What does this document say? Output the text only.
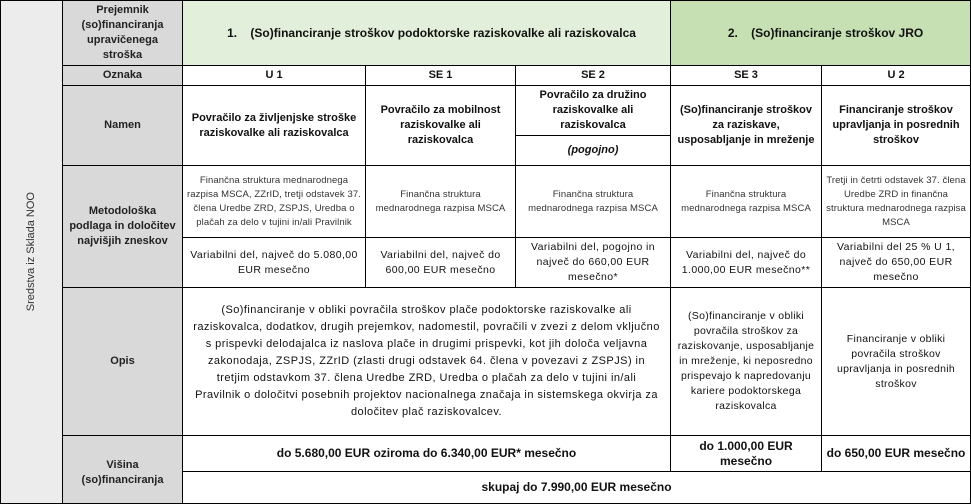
Sredstva iz Sklada NOO	Prejemnik (so)financiranja upravičenega stroška	1. (So)financiranje stroškov podoktorske raziskovalke ali raziskovalca			2. (So)financiranje stroškov JRO	
	Oznaka	U 1	SE 1	SE 2	SE 3	U 2
	Namen	Povračilo za življenjske stroške raziskovalke ali raziskovalca	Povračilo za mobilnost raziskovalke ali raziskovalca	Povračilo za družino raziskovalke ali raziskovalca	(So)financiranje stroškov za raziskave, usposabljanje in mreženje	Financiranje stroškov upravljanja in posrednih stroškov
				(pogojno)		
	Metodološka podlaga in določitev najvišjih zneskov	Finančna struktura mednarodnega razpisa MSCA, ZZrID, tretji odstavek 37. člena Uredbe ZRD, ZSPJS, Uredba o plačah za delo v tujini in/ali Pravilnik	Finančna struktura mednarodnega razpisa MSCA	Finančna struktura mednarodnega razpisa MSCA	Finančna struktura mednarodnega razpisa MSCA	Tretji in četrti odstavek 37. člena Uredbe ZRD in finančna struktura mednarodnega razpisa MSCA
		Variabilni del, največ do 5.080,00 EUR mesečno	Variabilni del, največ do 600,00 EUR mesečno	Variabilni del, pogojno in največ do 660,00 EUR mesečno*	Variabilni del, največ do 1.000,00 EUR mesečno**	Variabilni del 25 % U 1, največ do 650,00 EUR mesečno
	Opis	(So)financiranje v obliki povračila stroškov plače podoktorske raziskovalke ali raziskovalca, dodatkov, drugih prejemkov, nadomestil, povračili v zvezi z delom vključno s prispevki delodajalca iz naslova plače in drugimi prispevki, kot jih določa veljavna zakonodaja, ZSPJS, ZZrID (zlasti drugi odstavek 64. člena v povezavi z ZSPJS) in tretjim odstavkom 37. člena Uredbe ZRD, Uredba o plačah za delo v tujini in/ali Pravilnik o določitvi posebnih projektov nacionalnega značaja in sistemskega okvirja za določitev plač raziskovalcev.			(So)financiranje v obliki povračila stroškov za raziskovanje, usposabljanje in mreženje, ki neposredno prispevajo k napredovanju kariere podoktorskega raziskovalca	Financiranje v obliki povračila stroškov upravljanja in posrednih stroškov
	Višina (so)financiranja	do 5.680,00 EUR oziroma do 6.340,00 EUR* mesečno			do 1.000,00 EUR mesečno	do 650,00 EUR mesečno
		skupaj do 7.990,00 EUR mesečno				
